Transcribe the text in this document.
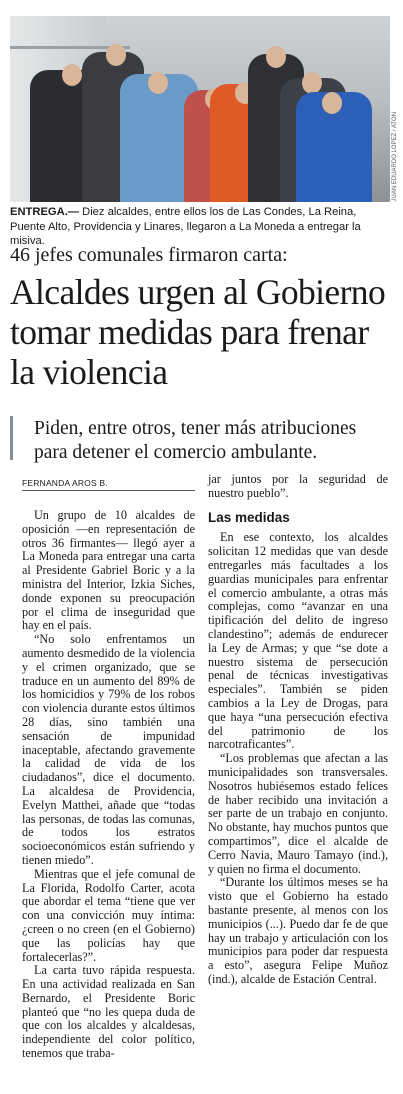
JUAN EDUARDO LÓPEZ / ATON
ENTREGA.— Diez alcaldes, entre ellos los de Las Condes, La Reina, Puente Alto, Providencia y Linares, llegaron a La Moneda a entregar la misiva.
46 jefes comunales firmaron carta:
Alcaldes urgen al Gobierno tomar medidas para frenar la violencia
Piden, entre otros, tener más atribuciones para detener el comercio ambulante.
FERNANDA AROS B.

Un grupo de 10 alcaldes de oposición —en representación de otros 36 firmantes— llegó ayer a La Moneda para entregar una carta al Presidente Gabriel Boric y a la ministra del Interior, Izkia Siches, donde exponen su preocupación por el clima de inseguridad que hay en el país.

“No solo enfrentamos un aumento desmedido de la violencia y el crimen organizado, que se traduce en un aumento del 89% de los homicidios y 79% de los robos con violencia durante estos últimos 28 días, sino también una sensación de impunidad inaceptable, afectando gravemente la calidad de vida de los ciudadanos”, dice el documento. La alcaldesa de Providencia, Evelyn Matthei, añade que “todas las personas, de todas las comunas, de todos los estratos socioeconómicos están sufriendo y tienen miedo”.

Mientras que el jefe comunal de La Florida, Rodolfo Carter, acota que abordar el tema “tiene que ver con una convicción muy íntima: ¿creen o no creen (en el Gobierno) que las policías hay que fortalecerlas?”.

La carta tuvo rápida respuesta. En una actividad realizada en San Bernardo, el Presidente Boric planteó que “no les quepa duda de que con los alcaldes y alcaldesas, independiente del color político, tenemos que traba-

jar juntos por la seguridad de nuestro pueblo”.

Las medidas

En ese contexto, los alcaldes solicitan 12 medidas que van desde entregarles más facultades a los guardias municipales para enfrentar el comercio ambulante, a otras más complejas, como “avanzar en una tipificación del delito de ingreso clandestino”; además de endurecer la Ley de Armas; y que “se dote a nuestro sistema de persecución penal de técnicas investigativas especiales”. También se piden cambios a la Ley de Drogas, para que haya “una persecución efectiva del patrimonio de los narcotraficantes”.

“Los problemas que afectan a las municipalidades son transversales. Nosotros hubiésemos estado felices de haber recibido una invitación a ser parte de un trabajo en conjunto. No obstante, hay muchos puntos que compartimos”, dice el alcalde de Cerro Navia, Mauro Tamayo (ind.), y quien no firma el documento.

“Durante los últimos meses se ha visto que el Gobierno ha estado bastante presente, al menos con los municipios (...). Puedo dar fe de que hay un trabajo y articulación con los municipios para poder dar respuesta a esto”, asegura Felipe Muñoz (ind.), alcalde de Estación Central.
